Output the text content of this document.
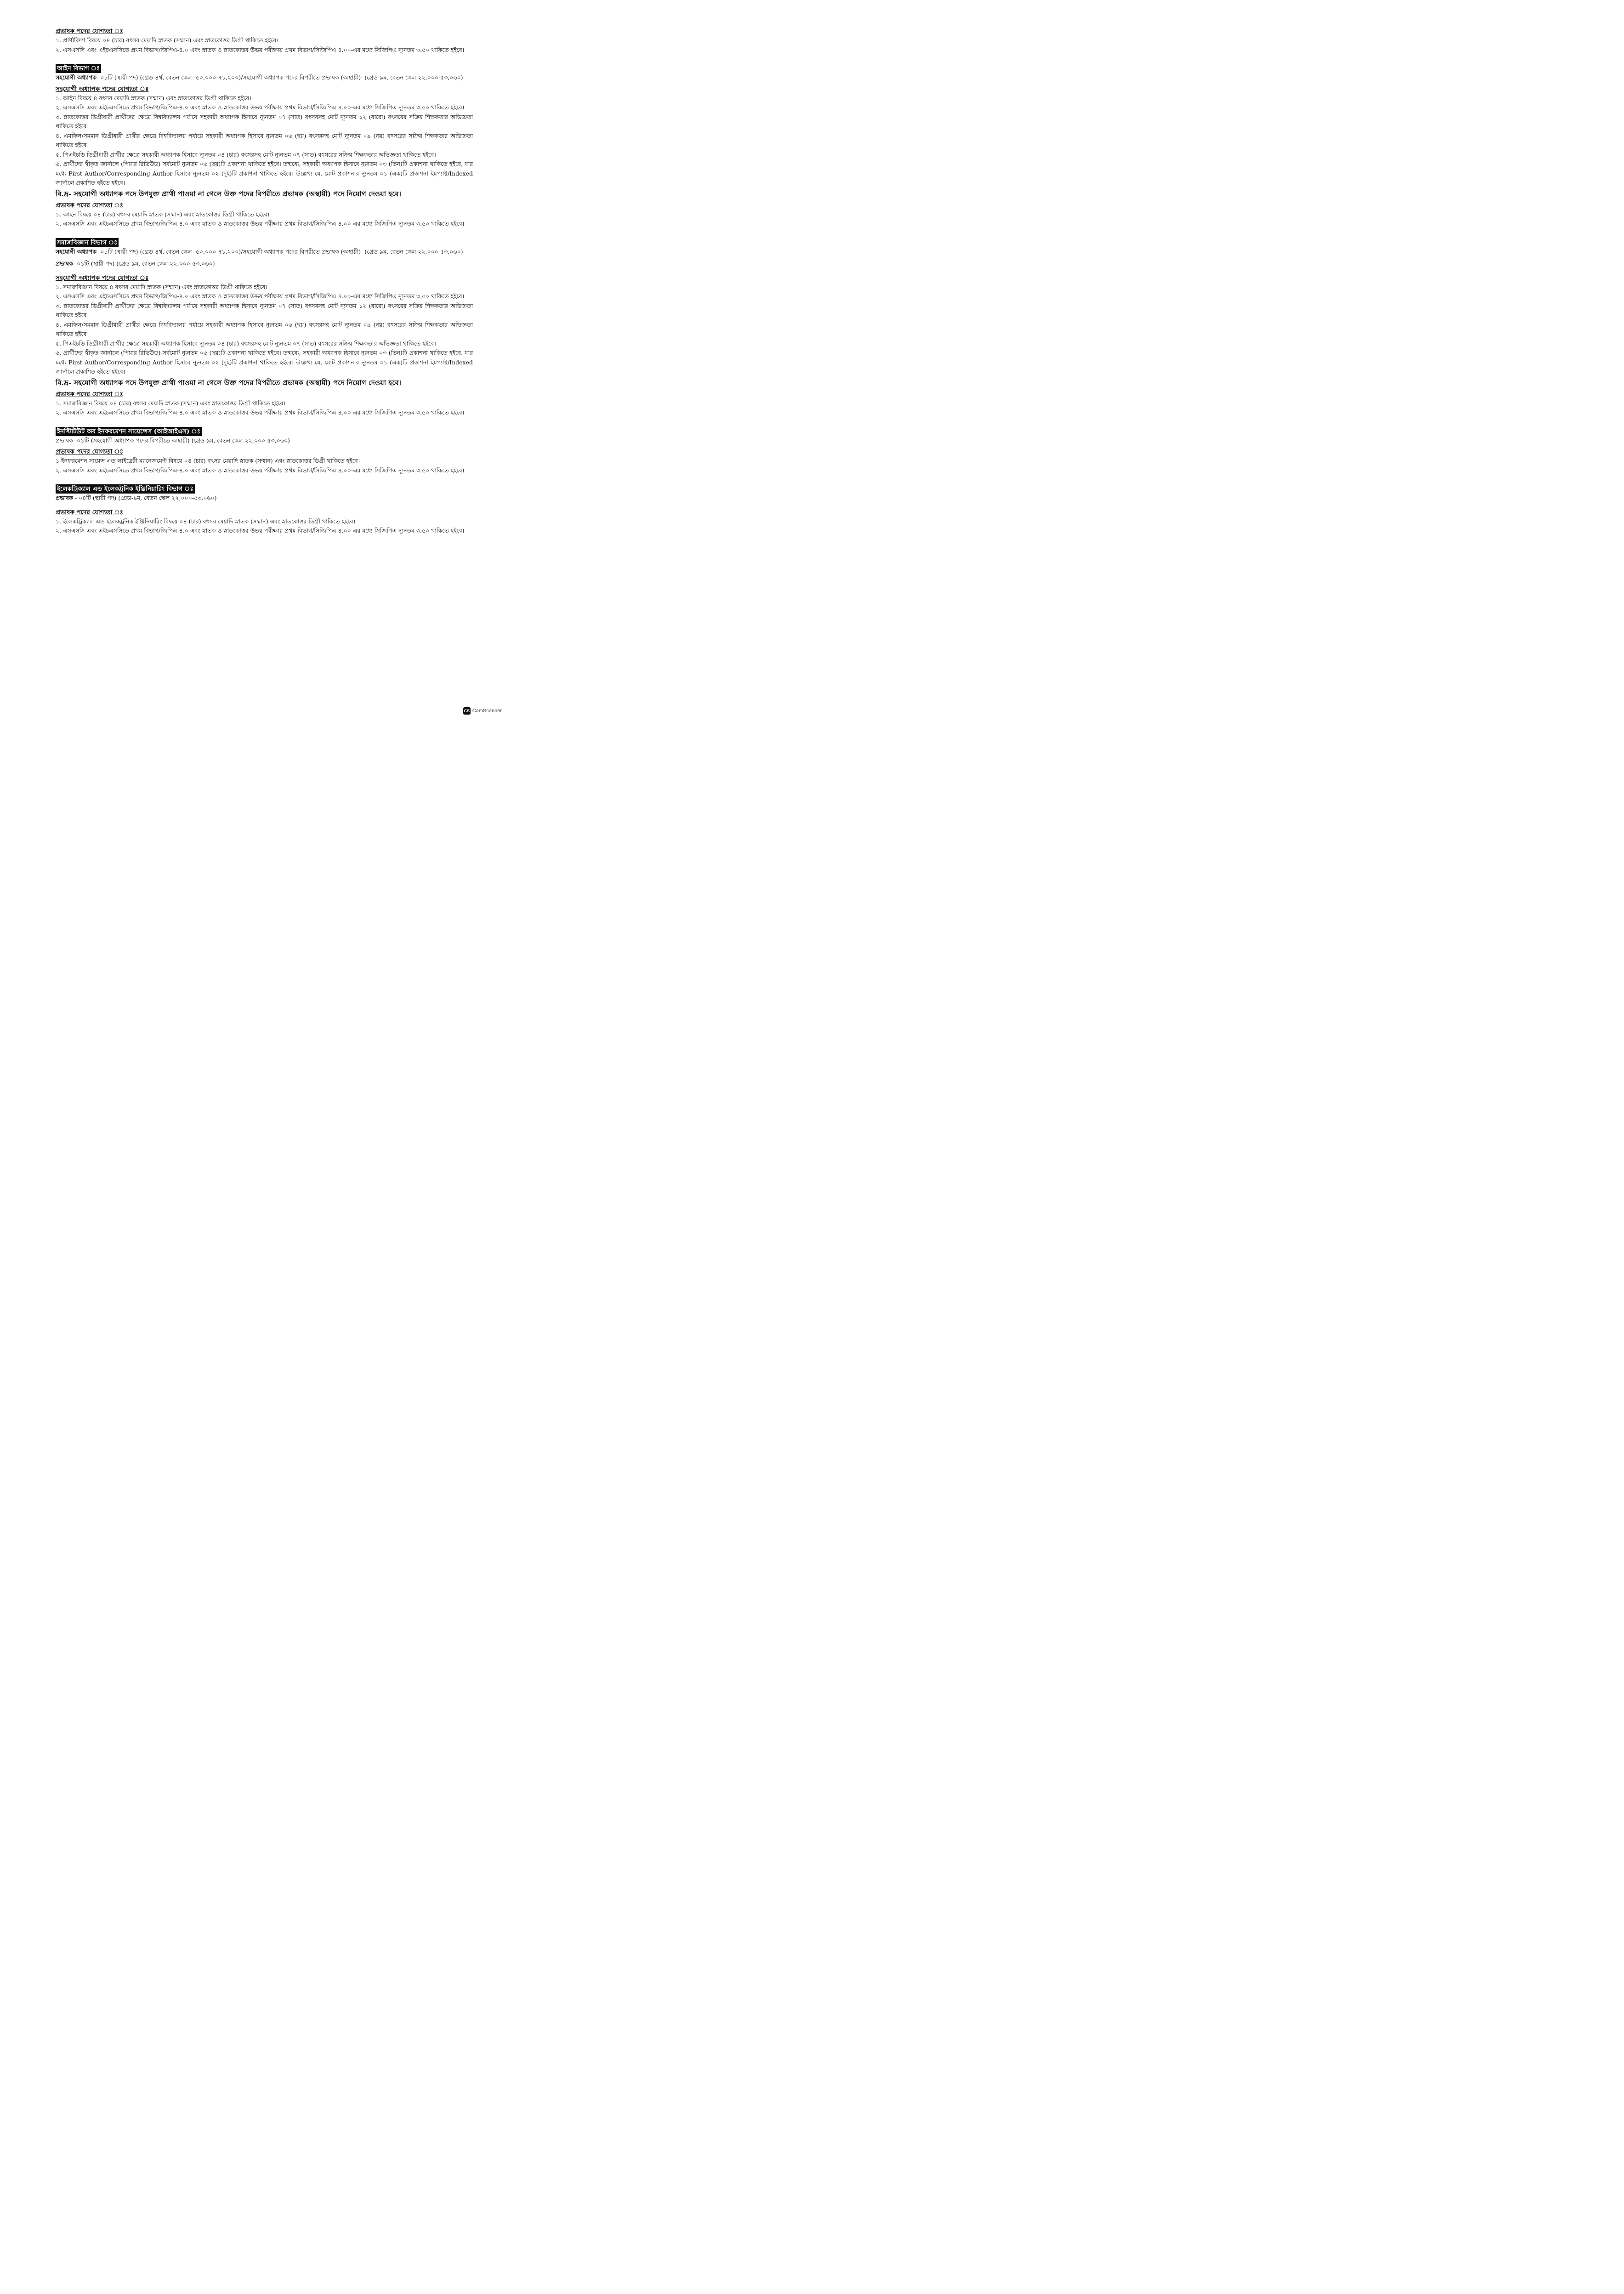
প্রভাষক পদের যোগ্যতা ঃ

১. প্রাণীবিদ্যা বিষয়ে ০৪ (চার) বৎসর মেয়াদি স্নাতক (সম্মান) এবং স্নাতকোত্তর ডিগ্রী থাকিতে হইবে।

২. এসএসসি এবং এইচএসসিতে প্রথম বিভাগ/জিপিএ-৪.০ এবং স্নাতক ও স্নাতকোত্তর উভয় পরীক্ষায় প্রথম বিভাগ/সিজিপিএ ৪.০০-এর মধ্যে সিজিপিএ ন্যূনতম ৩.৫০ থাকিতে হইবে।

আইন বিভাগ ঃ

সহযোগী অধ্যাপক- ০১টি (স্থায়ী পদ) (গ্রেড-৪র্থ, বেতন স্কেল -৫০,০০০-৭১,২০০)/সহযোগী অধ্যাপক পদের বিপরীতে প্রভাষক (অস্থায়ী)- (গ্রেড-৯ম, বেতন স্কেল ২২,০০০-৫৩,০৬০)

সহযোগী অধ্যাপক পদের যোগ্যতা ঃ

১. আইন বিষয়ে ৪ বৎসর মেয়াদি স্নাতক (সম্মান) এবং স্নাতকোত্তর ডিগ্রী থাকিতে হইবে।

২. এসএসসি এবং এইচএসসিতে প্রথম বিভাগ/জিপিএ-৪.০ এবং স্নাতক ও স্নাতকোত্তর উভয় পরীক্ষায় প্রথম বিভাগ/সিজিপিএ ৪.০০-এর মধ্যে সিজিপিএ ন্যূনতম ৩.৫০ থাকিতে হইবে।

৩. স্নাতকোত্তর ডিগ্রীধারী প্রার্থীদের ক্ষেত্রে বিশ্ববিদ্যালয় পর্যায়ে সহকারী অধ্যাপক হিসাবে ন্যূনতম ০৭ (সাত) বৎসরসহ মোট ন্যূনতম ১২ (বারো) বৎসরের সক্রিয় শিক্ষকতার অভিজ্ঞতা থাকিতে হইবে।

৪. এমফিল/সমমান ডিগ্রীধারী প্রার্থীর ক্ষেত্রে বিশ্ববিদ্যালয় পর্যায়ে সহকারী অধ্যাপক হিসাবে ন্যূনতম ০৬ (ছয়) বৎসরসহ মোট ন্যূনতম ০৯ (নয়) বৎসরের সক্রিয় শিক্ষকতার অভিজ্ঞতা থাকিতে হইবে।

৫. পিএইচডি ডিগ্রীধারী প্রার্থীর ক্ষেত্রে সহকারী অধ্যাপক হিসাবে ন্যূনতম ০৪ (চার) বৎসরসহ মোট ন্যূনতম ০৭ (সাত) বৎসরের সক্রিয় শিক্ষকতার অভিজ্ঞতা থাকিতে হইবে।

৬. প্রার্থীদের স্বীকৃত জার্নালে (পিয়ার রিভিউড) সর্বমোট ন্যূনতম ০৬ (ছয়)টি প্রকাশনা থাকিতে হইবে। তন্মধ্যে, সহকারী অধ্যাপক হিসাবে ন্যূনতম ০৩ (তিন)টি প্রকাশনা থাকিতে হইবে, যার মধ্যে First Author/Corresponding Author হিসাবে ন্যূনতম ০২ (দুই)টি প্রকাশনা থাকিতে হইবে। উল্লেখ্য যে, মোট প্রকাশনার ন্যূনতম ০১ (এক)টি প্রকাশনা ইমপ্যাক্ট/Indexed জার্নালে প্রকাশিত হইতে হইবে।

বি.দ্র- সহযোগী অধ্যাপক পদে উপযুক্ত প্রার্থী পাওয়া না গেলে উক্ত পদের বিপরীতে প্রভাষক (অস্থায়ী) পদে নিয়োগ দেওয়া হবে।

প্রভাষক পদের যোগ্যতা ঃ

১. আইন বিষয়ে ০৪ (চার) বৎসর মেয়াদি স্নাতক (সম্মান) এবং স্নাতকোত্তর ডিগ্রী থাকিতে হইবে।

২. এসএসসি এবং এইচএসসিতে প্রথম বিভাগ/জিপিএ-৪.০ এবং স্নাতক ও স্নাতকোত্তর উভয় পরীক্ষায় প্রথম বিভাগ/সিজিপিএ ৪.০০-এর মধ্যে সিজিপিএ ন্যূনতম ৩.৫০ থাকিতে হইবে।

সমাজবিজ্ঞান বিভাগ ঃ

সহযোগী অধ্যাপক- ০১টি (স্থায়ী পদ) (গ্রেড-৪র্থ, বেতন স্কেল -৫০,০০০-৭১,২০০)/সহযোগী অধ্যাপক পদের বিপরীতে প্রভাষক (অস্থায়ী)- (গ্রেড-৯ম, বেতন স্কেল ২২,০০০-৫৩,০৬০)

প্রভাষক- ০১টি (স্থায়ী পদ) (গ্রেড-৯ম, বেতন স্কেল ২২,০০০-৫৩,০৬০)

সহযোগী অধ্যাপক পদের যোগ্যতা ঃ

১. সমাজবিজ্ঞান বিষয়ে ৪ বৎসর মেয়াদি স্নাতক (সম্মান) এবং স্নাতকোত্তর ডিগ্রী থাকিতে হইবে।

২. এসএসসি এবং এইচএসসিতে প্রথম বিভাগ/জিপিএ-৪.০ এবং স্নাতক ও স্নাতকোত্তর উভয় পরীক্ষায় প্রথম বিভাগ/সিজিপিএ ৪.০০-এর মধ্যে সিজিপিএ ন্যূনতম ৩.৫০ থাকিতে হইবে।

৩. স্নাতকোত্তর ডিগ্রীধারী প্রার্থীদের ক্ষেত্রে বিশ্ববিদ্যালয় পর্যায়ে সহকারী অধ্যাপক হিসাবে ন্যূনতম ০৭ (সাত) বৎসরসহ মোট ন্যূনতম ১২ (বারো) বৎসরের সক্রিয় শিক্ষকতার অভিজ্ঞতা থাকিতে হইবে।

৪. এমফিল/সমমান ডিগ্রীধারী প্রার্থীর ক্ষেত্রে বিশ্ববিদ্যালয় পর্যায়ে সহকারী অধ্যাপক হিসাবে ন্যূনতম ০৬ (ছয়) বৎসরসহ মোট ন্যূনতম ০৯ (নয়) বৎসরের সক্রিয় শিক্ষকতার অভিজ্ঞতা থাকিতে হইবে।

৫. পিএইচডি ডিগ্রীধারী প্রার্থীর ক্ষেত্রে সহকারী অধ্যাপক হিসাবে ন্যূনতম ০৪ (চার) বৎসরসহ মোট ন্যূনতম ০৭ (সাত) বৎসরের সক্রিয় শিক্ষকতার অভিজ্ঞতা থাকিতে হইবে।

৬. প্রার্থীদের স্বীকৃত জার্নালে (পিয়ার রিভিউড) সর্বমোট ন্যূনতম ০৬ (ছয়)টি প্রকাশনা থাকিতে হইবে। তন্মধ্যে, সহকারী অধ্যাপক হিসাবে ন্যূনতম ০৩ (তিন)টি প্রকাশনা থাকিতে হইবে, যার মধ্যে First Author/Corresponding Author হিসাবে ন্যূনতম ০২ (দুই)টি প্রকাশনা থাকিতে হইবে। উল্লেখ্য যে, মোট প্রকাশনার ন্যূনতম ০১ (এক)টি প্রকাশনা ইমপ্যাক্ট/Indexed জার্নালে প্রকাশিত হইতে হইবে।

বি.দ্র- সহযোগী অধ্যাপক পদে উপযুক্ত প্রার্থী পাওয়া না গেলে উক্ত পদের বিপরীতে প্রভাষক (অস্থায়ী) পদে নিয়োগ দেওয়া হবে।

প্রভাষক পদের যোগ্যতা ঃ

১. সমাজবিজ্ঞান বিষয়ে ০৪ (চার) বৎসর মেয়াদি স্নাতক (সম্মান) এবং স্নাতকোত্তর ডিগ্রী থাকিতে হইবে।

২. এসএসসি এবং এইচএসসিতে প্রথম বিভাগ/জিপিএ-৪.০ এবং স্নাতক ও স্নাতকোত্তর উভয় পরীক্ষায় প্রথম বিভাগ/সিজিপিএ ৪.০০-এর মধ্যে সিজিপিএ ন্যূনতম ৩.৫০ থাকিতে হইবে।

ইনস্টিটিউট অব ইনফরমেশন সায়েন্সেস (আইআইএস) ঃ

প্রভাষক- ০১টি (সহযোগী অধ্যাপক পদের বিপরীতে অস্থায়ী) (গ্রেড-৯ম, বেতন স্কেল ২২,০০০-৫৩,০৬০)

প্রভাষক পদের যোগ্যতা ঃ

১ ইনফরমেশন সায়েন্স এন্ড লাইব্রেরী ম্যানেজমেন্ট বিষয়ে ০৪ (চার) বৎসর মেয়াদি স্নাতক (সম্মান) এবং স্নাতকোত্তর ডিগ্রী থাকিতে হইবে।

২. এসএসসি এবং এইচএসসিতে প্রথম বিভাগ/জিপিএ-৪.০ এবং স্নাতক ও স্নাতকোত্তর উভয় পরীক্ষায় প্রথম বিভাগ/সিজিপিএ ৪.০০-এর মধ্যে সিজিপিএ ন্যূনতম ৩.৫০ থাকিতে হইবে।

ইলেকট্রিক্যাল এন্ড ইলেকট্রনিক ইঞ্জিনিয়ারিং বিভাগ ঃ

প্রভাষক - ০৪টি (স্থায়ী পদ) (গ্রেড-৯ম, বেতন স্কেল ২২,০০০-৫৩,০৬০)

প্রভাষক পদের যোগ্যতা ঃ

১. ইলেকট্রিক্যাল এন্ড ইলেকট্রনিক ইঞ্জিনিয়ারিং বিষয়ে ০৪ (চার) বৎসর মেয়াদি স্নাতক (সম্মান) এবং স্নাতকোত্তর ডিগ্রী থাকিতে হইবে।

২. এসএসসি এবং এইচএসসিতে প্রথম বিভাগ/জিপিএ-৪.০ এবং স্নাতক ও স্নাতকোত্তর উভয় পরীক্ষায় প্রথম বিভাগ/সিজিপিএ ৪.০০-এর মধ্যে সিজিপিএ ন্যূনতম ৩.৫০ থাকিতে হইবে।

CS CamScanner
